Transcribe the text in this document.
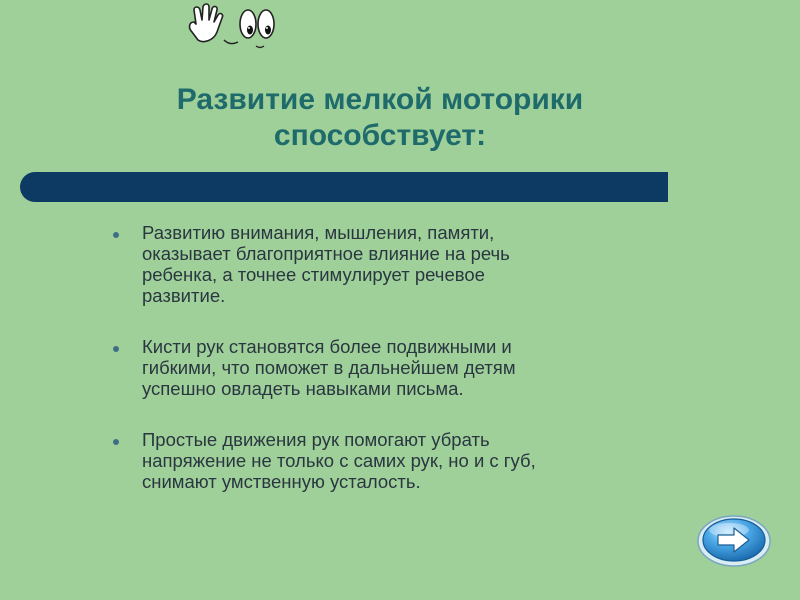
Развитие мелкой моторики
способствует:
Развитию внимания, мышления, памяти,
оказывает благоприятное влияние на речь
ребенка, а точнее стимулирует речевое
развитие.
Кисти рук становятся более подвижными и
гибкими, что поможет в дальнейшем детям
успешно овладеть навыками письма.
Простые движения рук помогают убрать
напряжение не только с самих рук, но и с губ,
снимают умственную усталость.
